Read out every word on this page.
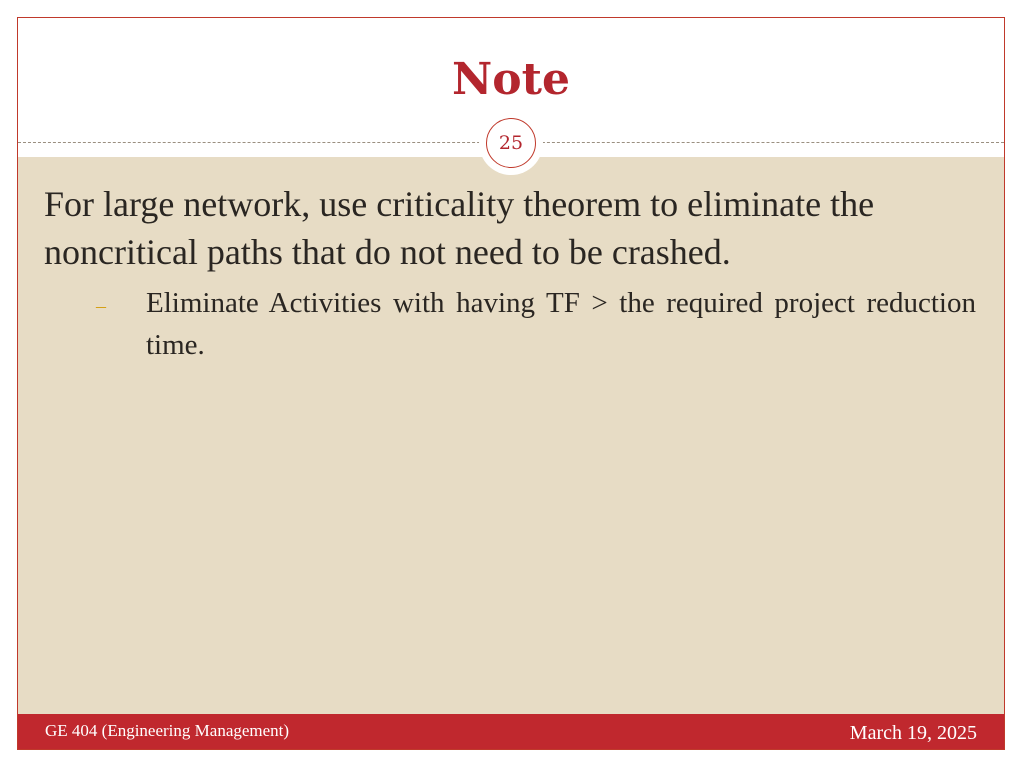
Note
25

For large network, use criticality theorem to eliminate the noncritical paths that do not need to be crashed.

–	Eliminate Activities with having TF > the required project reduction time.

GE 404 (Engineering Management)	March 19, 2025
